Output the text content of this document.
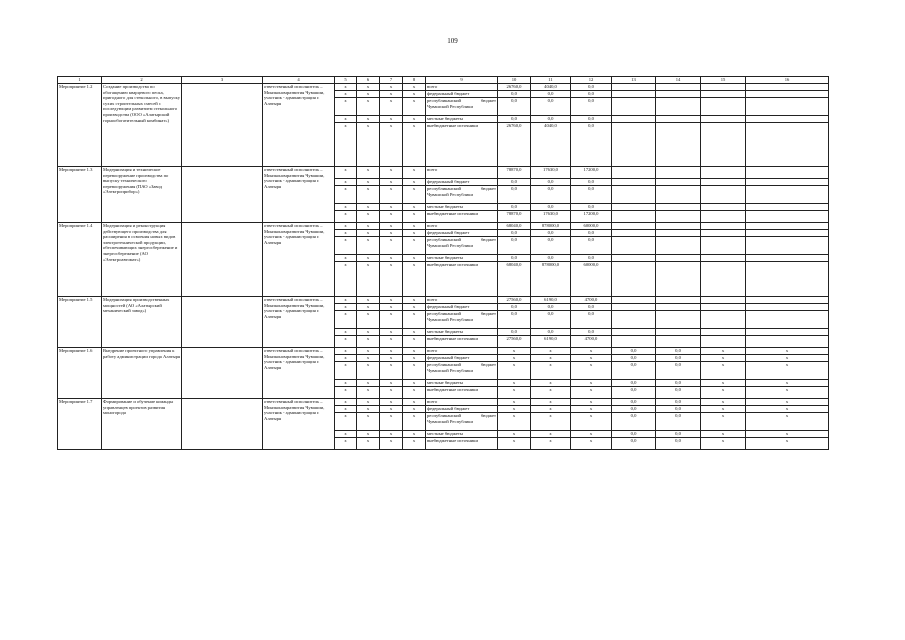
109
1	2	3	4	5	6	7	8	9	10	11	12	13	14	15	16
Мероприятие 1.2	Создание производства по обогащению кварцевого песка, пригодного для стекольного, в выпуску сухих строительных смесей с последующим развитием стекольного производства (ООО «Алатырский горнообогатительный комбинат»)		ответственный исполнитель – Минэкономразвития Чувашии, участник - администрация г. Алатыря	х	х	х	х	всего	26760,0	4040,0	0,0				
				х	х	х	х	федеральный бюджет	0,0	0,0	0,0				
				х	х	х	х	республиканский бюджет Чувашской Республики	0,0	0,0	0,0				
				х	х	х	х	местные бюджеты	0,0	0,0	0,0				
				х	х	х	х	внебюджетные источники	26760,0	4040,0	0,0				
Мероприятие 1.3	Модернизация и техническое перевооружение производства по выпуску технического перевооружения (ПАО «Завод «Электроприбор»)		ответственный исполнитель – Минэкономразвития Чувашии, участник - администрация г. Алатыря	х	х	х	х	всего	78870,0	17630,0	17200,0				
				х	х	х	х	федеральный бюджет	0,0	0,0	0,0				
				х	х	х	х	республиканский бюджет Чувашской Республики	0,0	0,0	0,0				
				х	х	х	х	местные бюджеты	0,0	0,0	0,0				
				х	х	х	х	внебюджетные источники	78870,0	17630,0	17200,0				
Мероприятие 1.4	Модернизация и реконструкция действующего производства для расширения в освоения новых видов электротехнической продукции, обеспечивающих энергосбережение и энергосбережение (АО «Электроавтомат»)		ответственный исполнитель – Минэкономразвития Чувашии, участник - администрация г. Алатыря	х	х	х	х	всего	68040,0	878000,0	60000,0				
				х	х	х	х	федеральный бюджет	0,0	0,0	0,0				
				х	х	х	х	республиканский бюджет Чувашской Республики	0,0	0,0	0,0				
				х	х	х	х	местные бюджеты	0,0	0,0	0,0				
				х	х	х	х	внебюджетные источники	68040,0	878000,0	60000,0				
Мероприятие 1.5	Модернизация производственных мощностей (АО «Алатырский механический завод»)		ответственный исполнитель – Минэкономразвития Чувашии, участник - администрация г. Алатыря	х	х	х	х	всего	27560,0	6190,0	4700,0				
				х	х	х	х	федеральный бюджет	0,0	0,0	0,0				
				х	х	х	х	республиканский бюджет Чувашской Республики	0,0	0,0	0,0				
				х	х	х	х	местные бюджеты	0,0	0,0	0,0				
				х	х	х	х	внебюджетные источники	27560,0	6190,0	4700,0				
Мероприятие 1.6	Внедрение проектного управления к работу администрации города Алатыря		ответственный исполнитель – Минэкономразвития Чувашии, участник - администрация г. Алатыря	х	х	х	х	всего	х	х	х	0,0	0,0	х	х
				х	х	х	х	федеральный бюджет	х	х	х	0,0	0,0	х	х
				х	х	х	х	республиканский бюджет Чувашской Республики	х	х	х	0,0	0,0	х	х
				х	х	х	х	местные бюджеты	х	х	х	0,0	0,0	х	х
				х	х	х	х	внебюджетные источники	х	х	х	0,0	0,0	х	х
Мероприятие 1.7	Формирование и обучение команды управленцев проектов развития моногорода		ответственный исполнитель – Минэкономразвития Чувашии, участник - администрация г. Алатыря	х	х	х	х	всего	х	х	х	0,0	0,0	х	х
				х	х	х	х	федеральный бюджет	х	х	х	0,0	0,0	х	х
				х	х	х	х	республиканский бюджет Чувашской Республики	х	х	х	0,0	0,0	х	х
				х	х	х	х	местные бюджеты	х	х	х	0,0	0,0	х	х
				х	х	х	х	внебюджетные источники	х	х	х	0,0	0,0	х	х
